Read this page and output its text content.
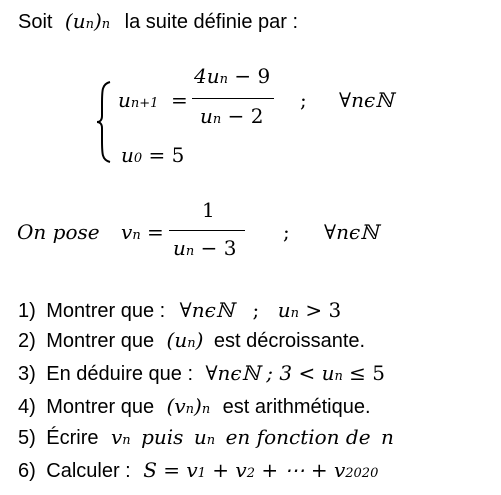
Soit (un)n la suite définie par :
un+1 =
4un − 9
un − 2
; ∀nϵℕ
u0 = 5
On pose vn =
1
un − 3
; ∀nϵℕ
1) Montrer que : ∀nϵℕ ; un > 3
2) Montrer que (un) est décroissante.
3) En déduire que : ∀nϵℕ ; 3 < un ≤ 5
4) Montrer que (vn)n est arithmétique.
5) Écrire vn puis un en fonction de n
6) Calculer : S = v1 + v2 + ⋯ + v2020
